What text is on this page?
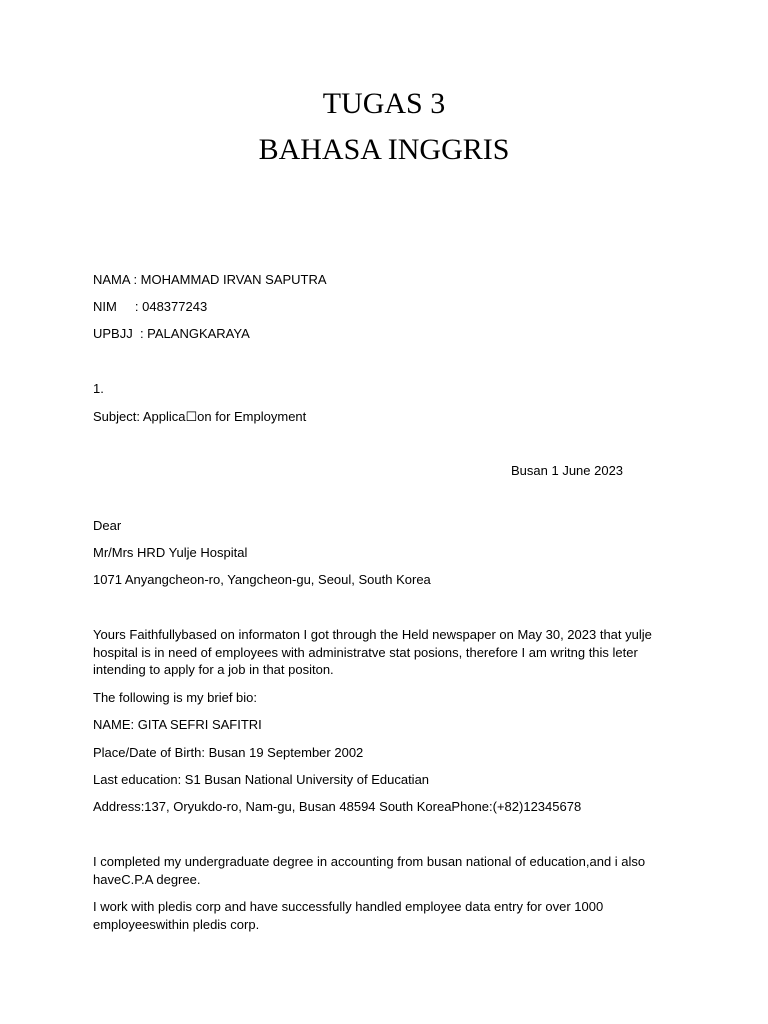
TUGAS 3
BAHASA INGGRIS
NAMA : MOHAMMAD IRVAN SAPUTRA
NIM     : 048377243
UPBJJ  : PALANGKARAYA
1.
Subject: Applica☐on for Employment
Busan 1 June 2023
Dear
Mr/Mrs HRD Yulje Hospital
1071 Anyangcheon-ro, Yangcheon-gu, Seoul, South Korea
Yours Faithfullybased on informaton I got through the Held newspaper on May 30, 2023 that yulje hospital is in need of employees with administratve stat posions, therefore I am writng this leter intending to apply for a job in that positon.
The following is my brief bio:
NAME: GITA SEFRI SAFITRI
Place/Date of Birth: Busan 19 September 2002
Last education: S1 Busan National University of Educatian
Address:137, Oryukdo-ro, Nam-gu, Busan 48594 South KoreaPhone:(+82)12345678
I completed my undergraduate degree in accounting from busan national of education,and i also haveC.P.A degree.
I work with pledis corp and have successfully handled employee data entry for over 1000 employeeswithin pledis corp.
